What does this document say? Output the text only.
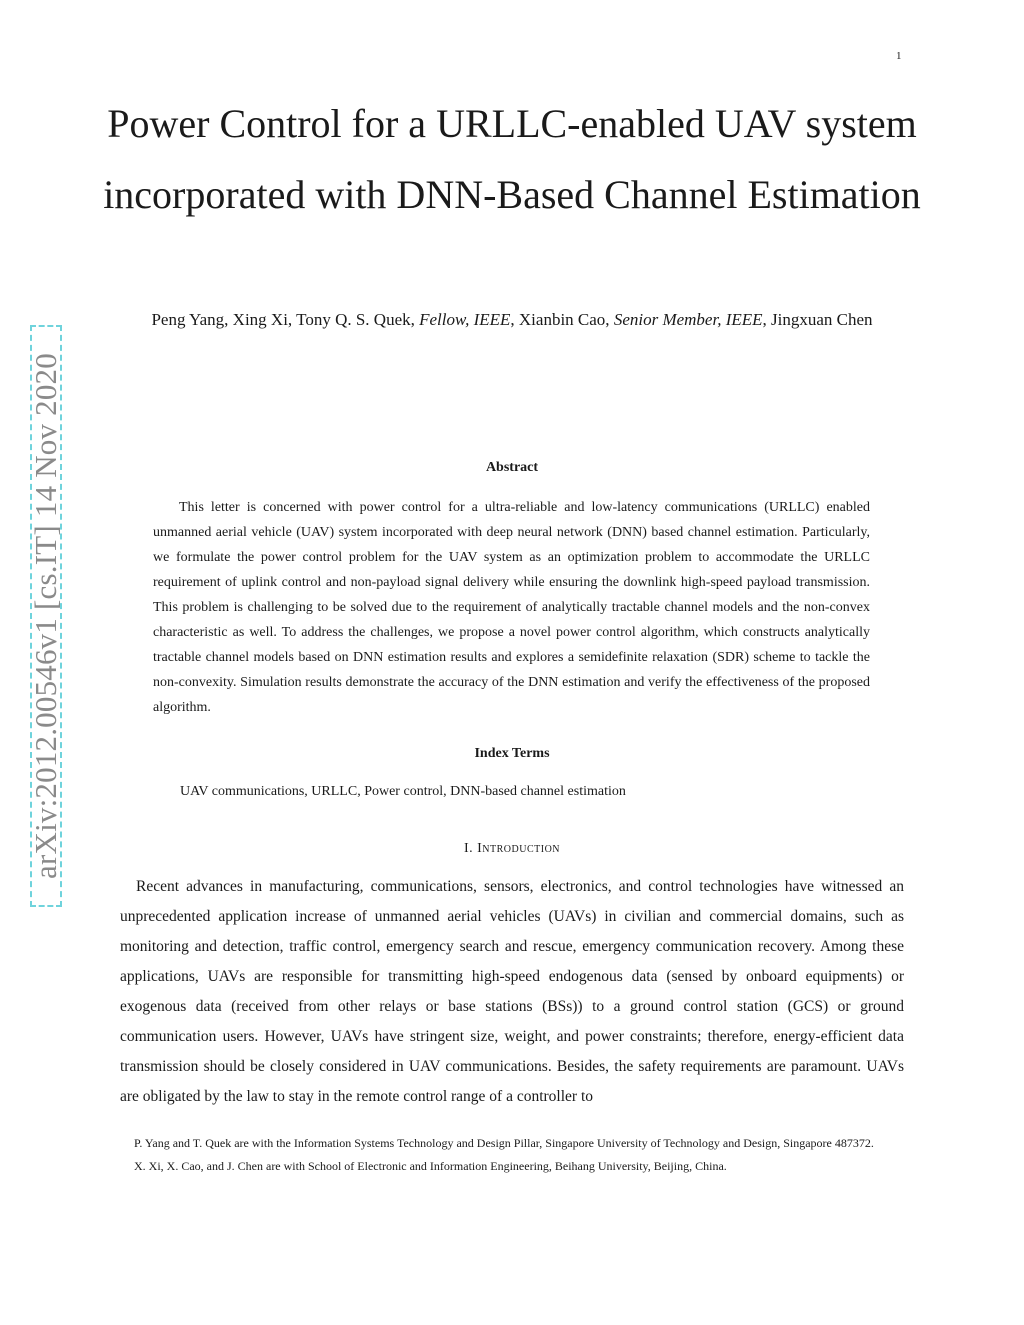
1
arXiv:2012.00546v1 [cs.IT] 14 Nov 2020
Power Control for a URLLC-enabled UAV system incorporated with DNN-Based Channel Estimation
Peng Yang, Xing Xi, Tony Q. S. Quek, Fellow, IEEE, Xianbin Cao, Senior Member, IEEE, Jingxuan Chen
Abstract

This letter is concerned with power control for a ultra-reliable and low-latency communications (URLLC) enabled unmanned aerial vehicle (UAV) system incorporated with deep neural network (DNN) based channel estimation. Particularly, we formulate the power control problem for the UAV system as an optimization problem to accommodate the URLLC requirement of uplink control and non-payload signal delivery while ensuring the downlink high-speed payload transmission. This problem is challenging to be solved due to the requirement of analytically tractable channel models and the non-convex characteristic as well. To address the challenges, we propose a novel power control algorithm, which constructs analytically tractable channel models based on DNN estimation results and explores a semidefinite relaxation (SDR) scheme to tackle the non-convexity. Simulation results demonstrate the accuracy of the DNN estimation and verify the effectiveness of the proposed algorithm.

Index Terms
UAV communications, URLLC, Power control, DNN-based channel estimation
I. Introduction

Recent advances in manufacturing, communications, sensors, electronics, and control technologies have witnessed an unprecedented application increase of unmanned aerial vehicles (UAVs) in civilian and commercial domains, such as monitoring and detection, traffic control, emergency search and rescue, emergency communication recovery. Among these applications, UAVs are responsible for transmitting high-speed endogenous data (sensed by onboard equipments) or exogenous data (received from other relays or base stations (BSs)) to a ground control station (GCS) or ground communication users. However, UAVs have stringent size, weight, and power constraints; therefore, energy-efficient data transmission should be closely considered in UAV communications. Besides, the safety requirements are paramount. UAVs are obligated by the law to stay in the remote control range of a controller to

P. Yang and T. Quek are with the Information Systems Technology and Design Pillar, Singapore University of Technology and Design, Singapore 487372.

X. Xi, X. Cao, and J. Chen are with School of Electronic and Information Engineering, Beihang University, Beijing, China.
